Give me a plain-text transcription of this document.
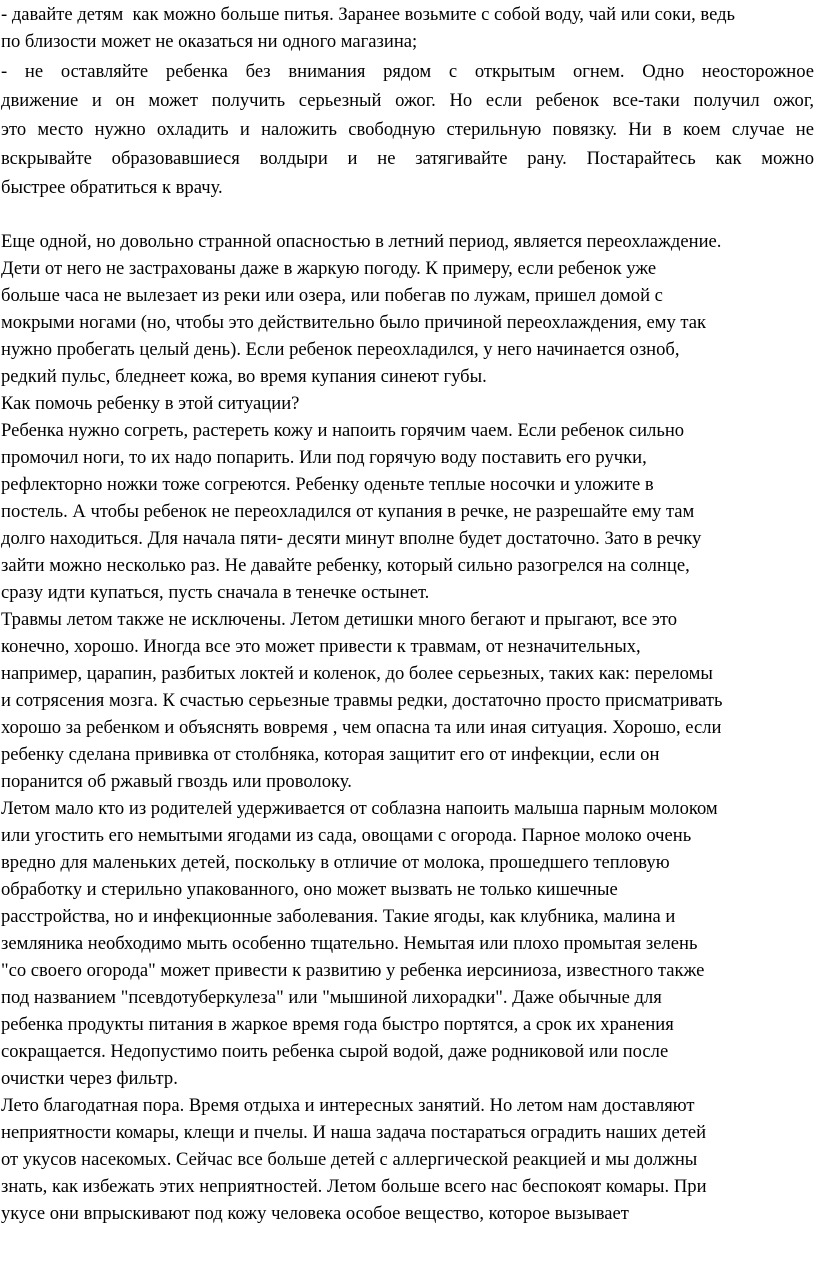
- давайте детям  как можно больше питья. Заранее возьмите с собой воду, чай или соки, ведь
по близости может не оказаться ни одного магазина;
- не оставляйте ребенка без внимания рядом с открытым огнем. Одно неосторожное
движение и он может получить серьезный ожог. Но если ребенок все-таки получил ожог,
это место нужно охладить и наложить свободную стерильную повязку. Ни в коем случае не
вскрывайте образовавшиеся волдыри и не затягивайте рану. Постарайтесь как можно
быстрее обратиться к врачу.
Еще одной, но довольно странной опасностью в летний период, является переохлаждение.
Дети от него не застрахованы даже в жаркую погоду. К примеру, если ребенок уже
больше часа не вылезает из реки или озера, или побегав по лужам, пришел домой с
мокрыми ногами (но, чтобы это действительно было причиной переохлаждения, ему так
нужно пробегать целый день). Если ребенок переохладился, у него начинается озноб,
редкий пульс, бледнеет кожа, во время купания синеют губы.
Как помочь ребенку в этой ситуации?
Ребенка нужно согреть, растереть кожу и напоить горячим чаем. Если ребенок сильно
промочил ноги, то их надо попарить. Или под горячую воду поставить его ручки,
рефлекторно ножки тоже согреются. Ребенку оденьте теплые носочки и уложите в
постель. А чтобы ребенок не переохладился от купания в речке, не разрешайте ему там
долго находиться. Для начала пяти- десяти минут вполне будет достаточно. Зато в речку
зайти можно несколько раз. Не давайте ребенку, который сильно разогрелся на солнце,
сразу идти купаться, пусть сначала в тенечке остынет.
Травмы летом также не исключены. Летом детишки много бегают и прыгают, все это
конечно, хорошо. Иногда все это может привести к травмам, от незначительных,
например, царапин, разбитых локтей и коленок, до более серьезных, таких как: переломы
и сотрясения мозга. К счастью серьезные травмы редки, достаточно просто присматривать
хорошо за ребенком и объяснять вовремя , чем опасна та или иная ситуация. Хорошо, если
ребенку сделана прививка от столбняка, которая защитит его от инфекции, если он
поранится об ржавый гвоздь или проволоку.
Летом мало кто из родителей удерживается от соблазна напоить малыша парным молоком
или угостить его немытыми ягодами из сада, овощами с огорода. Парное молоко очень
вредно для маленьких детей, поскольку в отличие от молока, прошедшего тепловую
обработку и стерильно упакованного, оно может вызвать не только кишечные
расстройства, но и инфекционные заболевания. Такие ягоды, как клубника, малина и
земляника необходимо мыть особенно тщательно. Немытая или плохо промытая зелень
"со своего огорода" может привести к развитию у ребенка иерсиниоза, известного также
под названием "псевдотуберкулеза" или "мышиной лихорадки". Даже обычные для
ребенка продукты питания в жаркое время года быстро портятся, а срок их хранения
сокращается. Недопустимо поить ребенка сырой водой, даже родниковой или после
очистки через фильтр.
Лето благодатная пора. Время отдыха и интересных занятий. Но летом нам доставляют
неприятности комары, клещи и пчелы. И наша задача постараться оградить наших детей
от укусов насекомых. Сейчас все больше детей с аллергической реакцией и мы должны
знать, как избежать этих неприятностей. Летом больше всего нас беспокоят комары. При
укусе они впрыскивают под кожу человека особое вещество, которое вызывает
